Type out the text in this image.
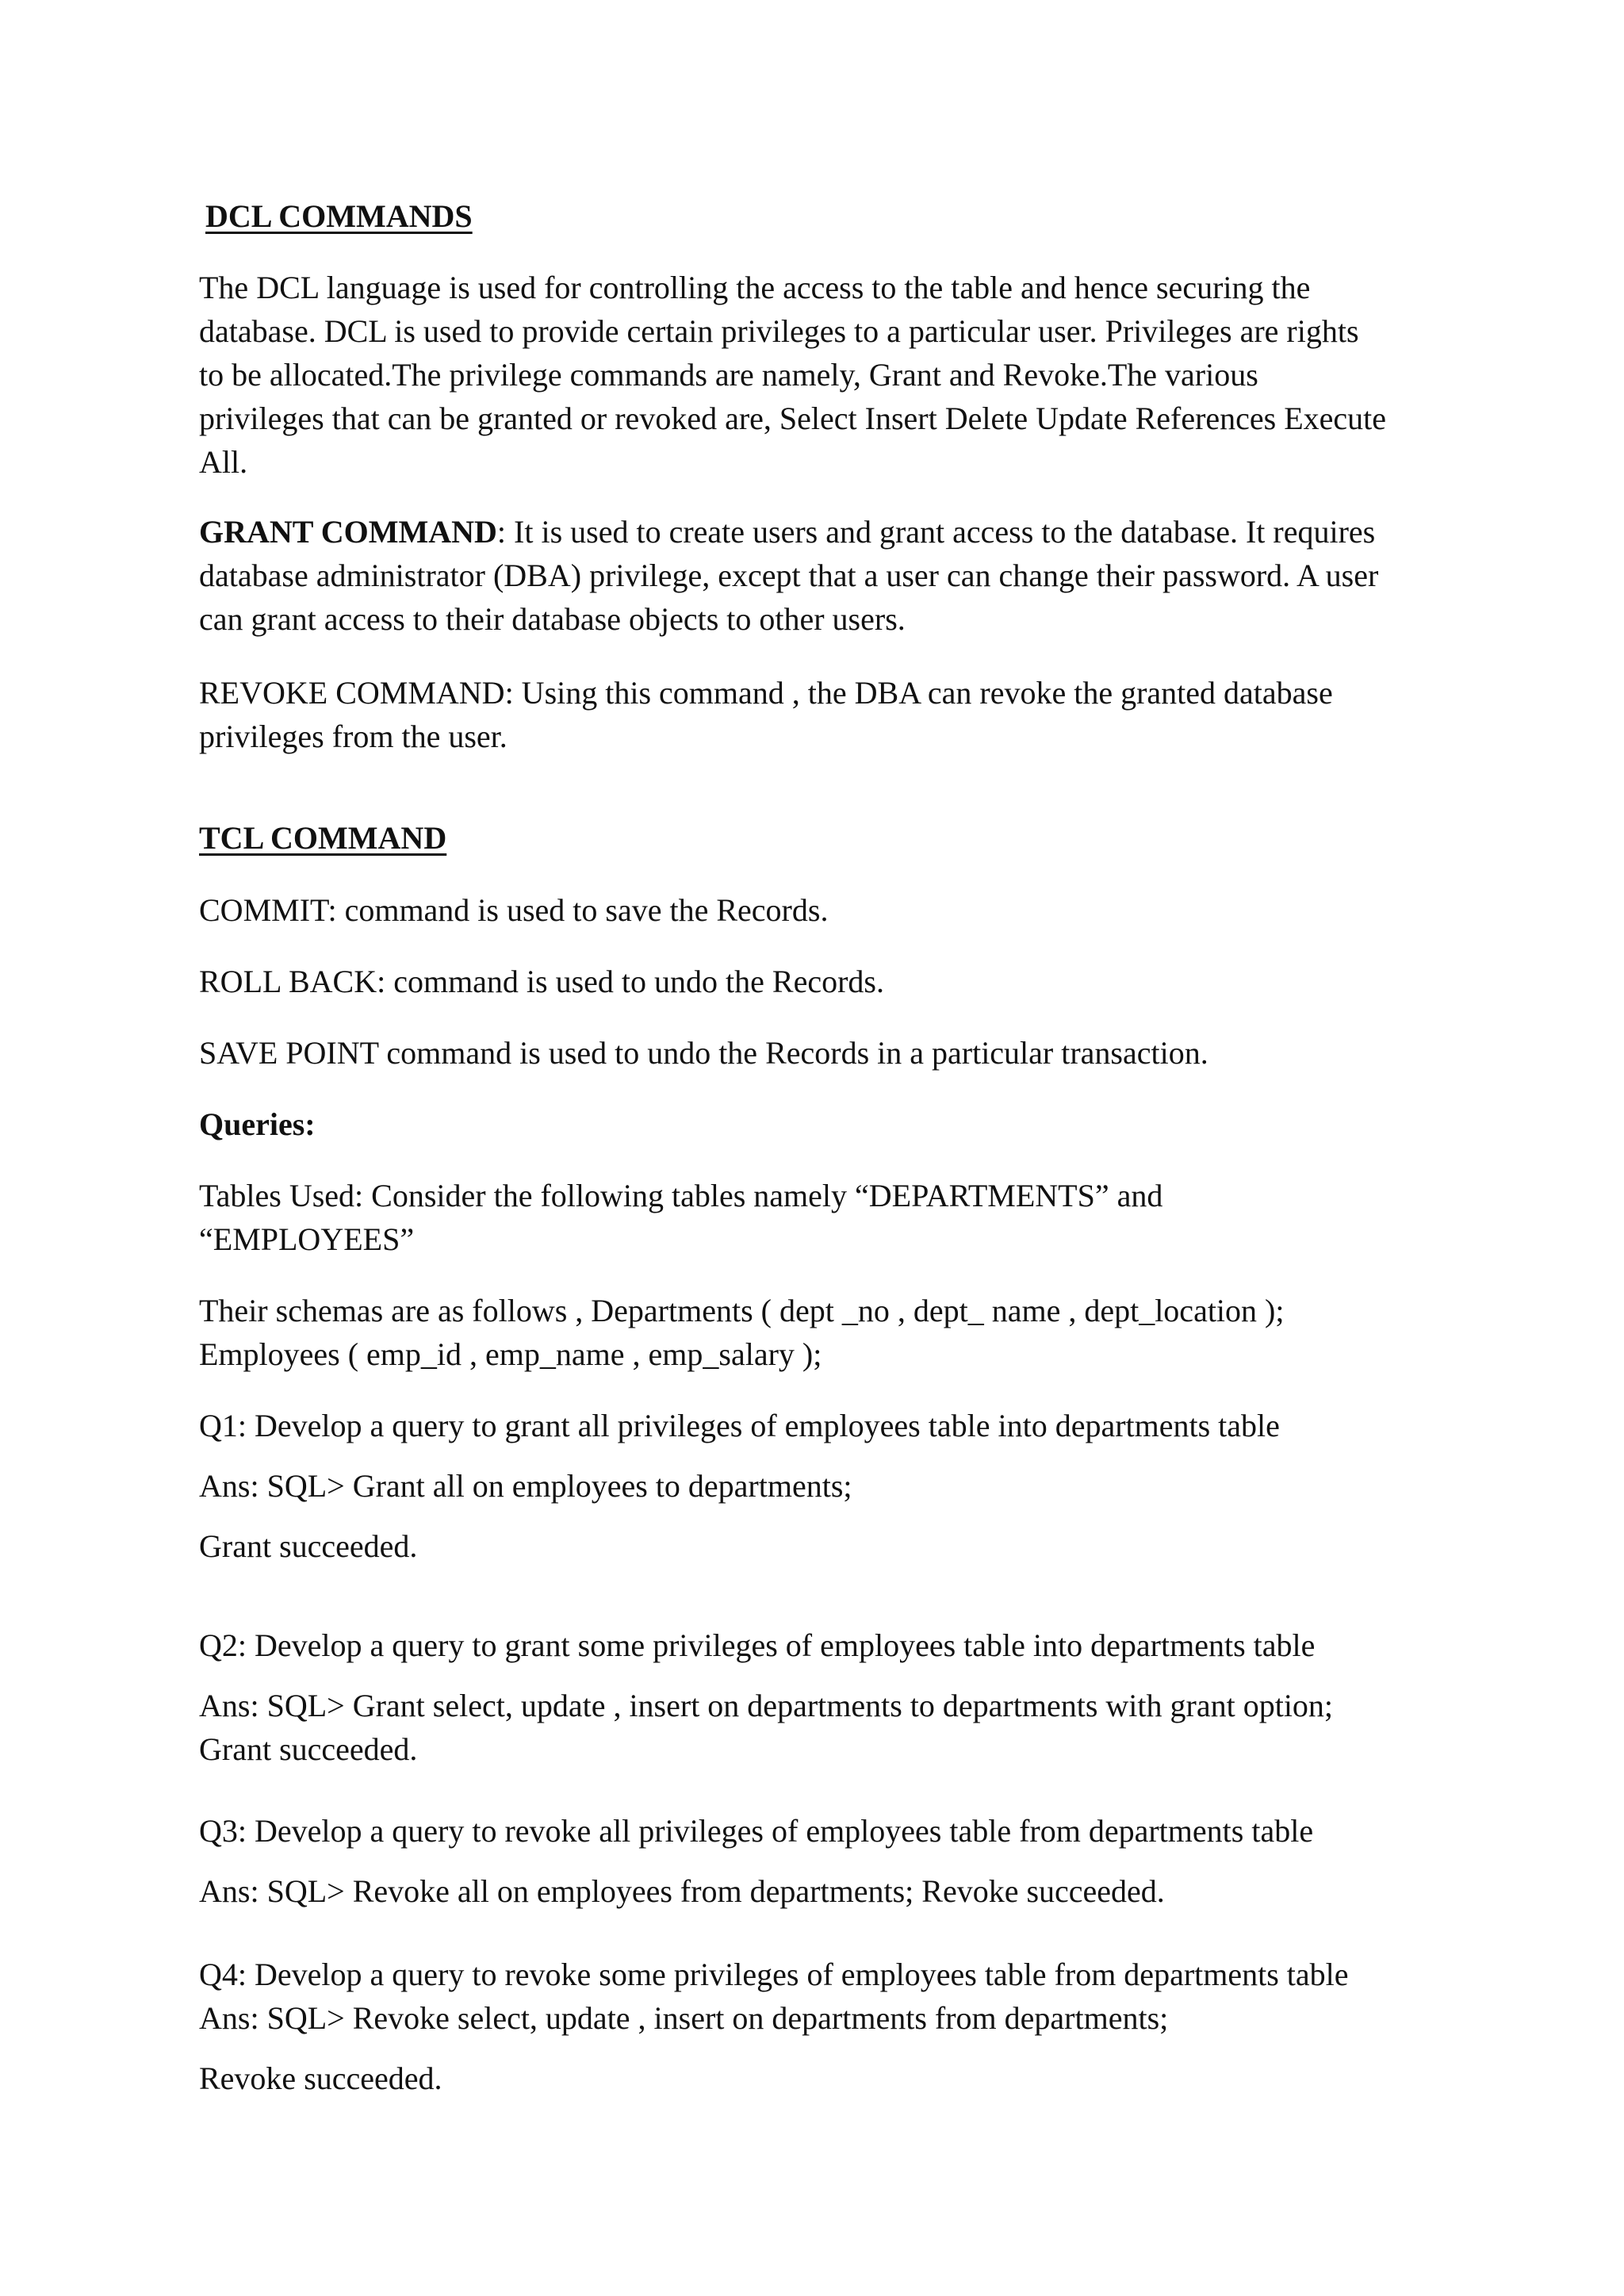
DCL COMMANDS

The DCL language is used for controlling the access to the table and hence securing the
database. DCL is used to provide certain privileges to a particular user. Privileges are rights
to be allocated.The privilege commands are namely, Grant and Revoke.The various
privileges that can be granted or revoked are, Select Insert Delete Update References Execute
All.

GRANT COMMAND: It is used to create users and grant access to the database. It requires
database administrator (DBA) privilege, except that a user can change their password. A user
can grant access to their database objects to other users.

REVOKE COMMAND: Using this command , the DBA can revoke the granted database
privileges from the user.

TCL COMMAND

COMMIT: command is used to save the Records.

ROLL BACK: command is used to undo the Records.

SAVE POINT command is used to undo the Records in a particular transaction.

Queries:

Tables Used: Consider the following tables namely “DEPARTMENTS” and
“EMPLOYEES”

Their schemas are as follows , Departments ( dept _no , dept_ name , dept_location );
Employees ( emp_id , emp_name , emp_salary );

Q1: Develop a query to grant all privileges of employees table into departments table

Ans: SQL> Grant all on employees to departments;

Grant succeeded.

Q2: Develop a query to grant some privileges of employees table into departments table

Ans: SQL> Grant select, update , insert on departments to departments with grant option;
Grant succeeded.

Q3: Develop a query to revoke all privileges of employees table from departments table

Ans: SQL> Revoke all on employees from departments; Revoke succeeded.

Q4: Develop a query to revoke some privileges of employees table from departments table
Ans: SQL> Revoke select, update , insert on departments from departments;

Revoke succeeded.
